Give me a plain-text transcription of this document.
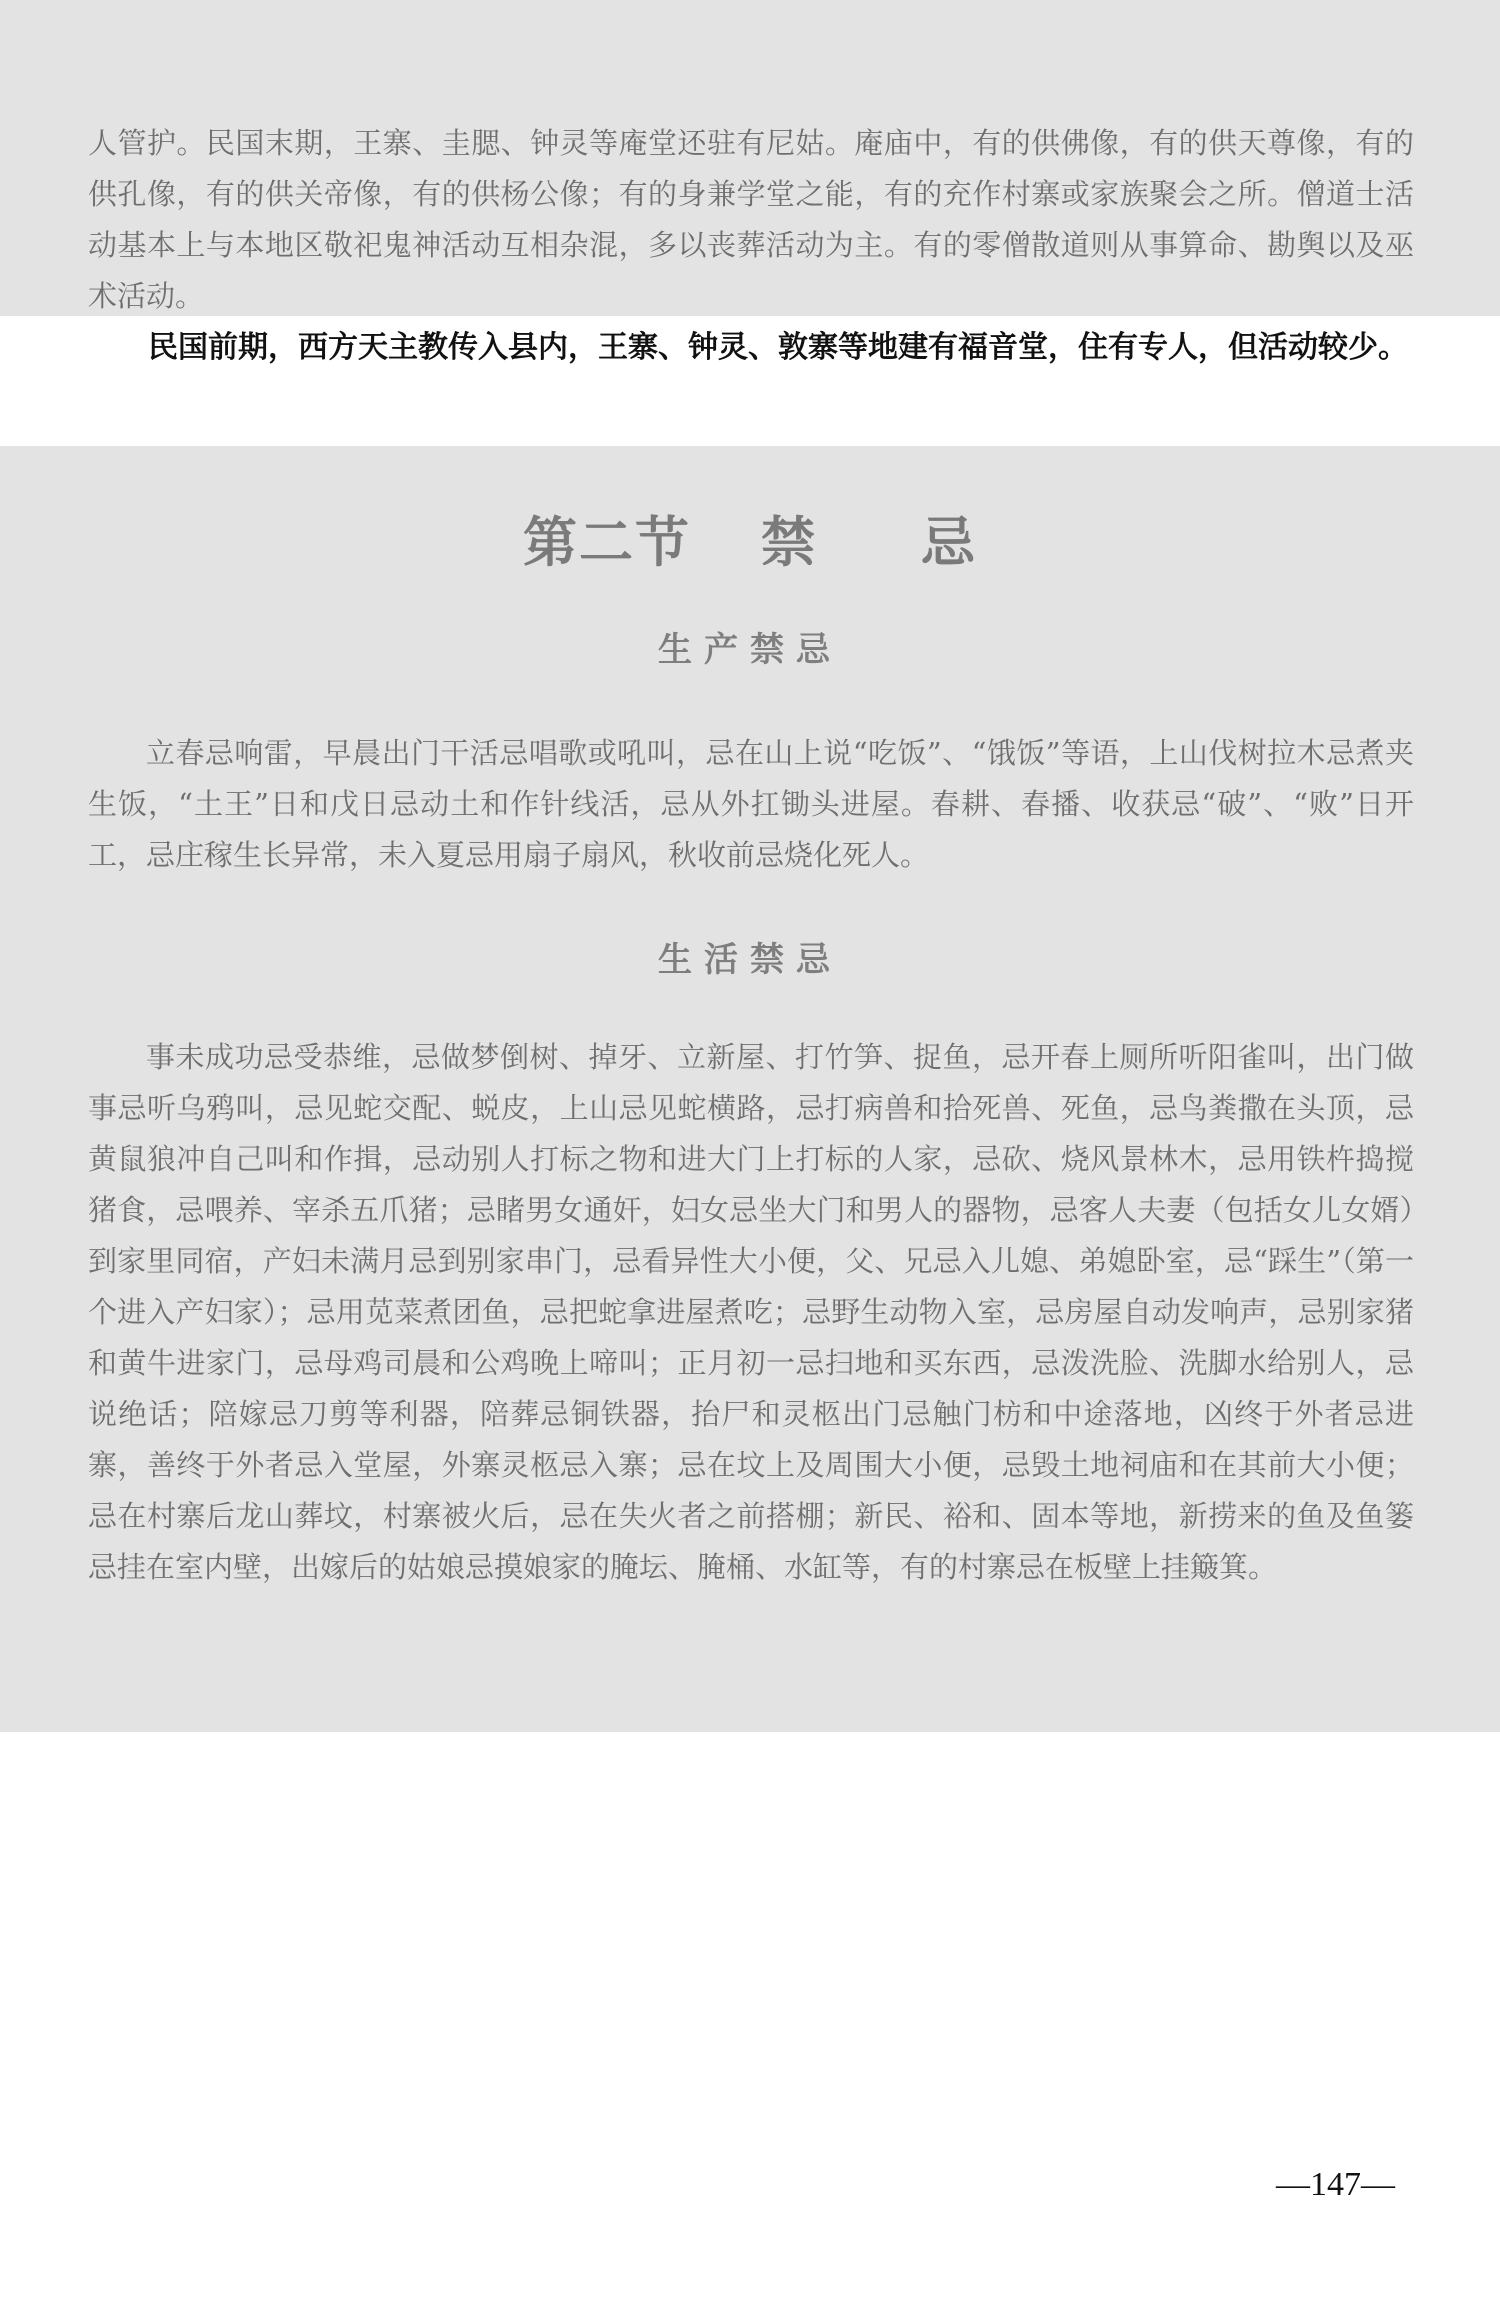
人管护。民国末期，王寨、圭腮、钟灵等庵堂还驻有尼姑。庵庙中，有的供佛像，有的供天尊像，有的供孔像，有的供关帝像，有的供杨公像；有的身兼学堂之能，有的充作村寨或家族聚会之所。僧道士活动基本上与本地区敬祀鬼神活动互相杂混，多以丧葬活动为主。有的零僧散道则从事算命、勘舆以及巫术活动。

民国前期，西方天主教传入县内，王寨、钟灵、敦寨等地建有福音堂，住有专人，但活动较少。

第二节 禁 忌
生产禁忌

立春忌响雷，早晨出门干活忌唱歌或吼叫，忌在山上说“吃饭”、“饿饭”等语，上山伐树拉木忌煮夹生饭，“土王”日和戊日忌动土和作针线活，忌从外扛锄头进屋。春耕、春播、收获忌“破”、“败”日开工，忌庄稼生长异常，未入夏忌用扇子扇风，秋收前忌烧化死人。

生活禁忌

事未成功忌受恭维，忌做梦倒树、掉牙、立新屋、打竹笋、捉鱼，忌开春上厕所听阳雀叫，出门做事忌听乌鸦叫，忌见蛇交配、蜕皮，上山忌见蛇横路，忌打病兽和拾死兽、死鱼，忌鸟粪撒在头顶，忌黄鼠狼冲自己叫和作揖，忌动别人打标之物和进大门上打标的人家，忌砍、烧风景林木，忌用铁杵捣搅猪食，忌喂养、宰杀五爪猪；忌睹男女通奸，妇女忌坐大门和男人的器物，忌客人夫妻（包括女儿女婿）到家里同宿，产妇未满月忌到别家串门，忌看异性大小便，父、兄忌入儿媳、弟媳卧室，忌“踩生”（第一个进入产妇家）；忌用苋菜煮团鱼，忌把蛇拿进屋煮吃；忌野生动物入室，忌房屋自动发响声，忌别家猪和黄牛进家门，忌母鸡司晨和公鸡晚上啼叫；正月初一忌扫地和买东西，忌泼洗脸、洗脚水给别人，忌说绝话；陪嫁忌刀剪等利器，陪葬忌铜铁器，抬尸和灵柩出门忌触门枋和中途落地，凶终于外者忌进寨，善终于外者忌入堂屋，外寨灵柩忌入寨；忌在坟上及周围大小便，忌毁土地祠庙和在其前大小便；忌在村寨后龙山葬坟，村寨被火后，忌在失火者之前搭棚；新民、裕和、固本等地，新捞来的鱼及鱼篓忌挂在室内壁，出嫁后的姑娘忌摸娘家的腌坛、腌桶、水缸等，有的村寨忌在板壁上挂簸箕。

—147—
